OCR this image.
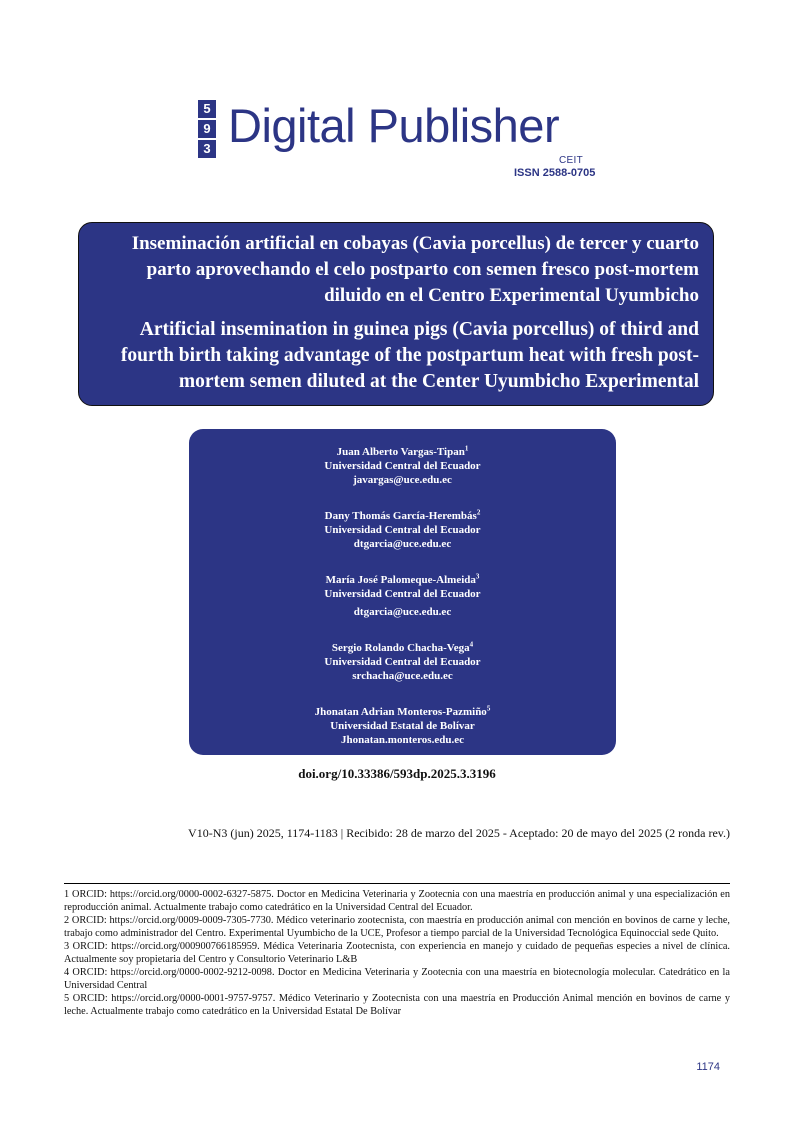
5
9
3 Digital Publisher
CEIT
ISSN 2588-0705

Inseminación artificial en cobayas (Cavia porcellus) de tercer y cuarto parto aprovechando el celo postparto con semen fresco post-mortem diluido en el Centro Experimental Uyumbicho

Artificial insemination in guinea pigs (Cavia porcellus) of third and fourth birth taking advantage of the postpartum heat with fresh post-mortem semen diluted at the Center Uyumbicho Experimental

Juan Alberto Vargas-Tipan$^1$

Universidad Central del Ecuador

javargas@uce.edu.ec

Dany Thomás García-Herembás$^2$

Universidad Central del Ecuador

dtgarcia@uce.edu.ec

María José Palomeque-Almeida$^3$

Universidad Central del Ecuador

dtgarcia@uce.edu.ec

Sergio Rolando Chacha-Vega$^4$

Universidad Central del Ecuador

srchacha@uce.edu.ec

Jhonatan Adrian Monteros-Pazmiño$^5$

Universidad Estatal de Bolívar

Jhonatan.monteros.edu.ec

doi.org/10.33386/593dp.2025.3.3196
V10-N3 (jun) 2025, 1174-1183 | Recibido: 28 de marzo del 2025 - Aceptado: 20 de mayo del 2025 (2 ronda rev.)

1 ORCID: https://orcid.org/0000-0002-6327-5875. Doctor en Medicina Veterinaria y Zootecnia con una maestría en producción animal y una especialización en reproducción animal. Actualmente trabajo como catedrático en la Universidad Central del Ecuador.

2 ORCID: https://orcid.org/0009-0009-7305-7730. Médico veterinario zootecnista, con maestría en producción animal con mención en bovinos de carne y leche, trabajo como administrador del Centro. Experimental Uyumbicho de la UCE, Profesor a tiempo parcial de la Universidad Tecnológica Equinoccial sede Quito.

3 ORCID: https://orcid.org/000900766185959. Médica Veterinaria Zootecnista, con experiencia en manejo y cuidado de pequeñas especies a nivel de clínica. Actualmente soy propietaria del Centro y Consultorio Veterinario L&B

4 ORCID: https://orcid.org/0000-0002-9212-0098. Doctor en Medicina Veterinaria y Zootecnia con una maestría en biotecnología molecular. Catedrático en la Universidad Central

5 ORCID: https://orcid.org/0000-0001-9757-9757. Médico Veterinario y Zootecnista con una maestría en Producción Animal mención en bovinos de carne y leche. Actualmente trabajo como catedrático en la Universidad Estatal De Bolívar

1174
